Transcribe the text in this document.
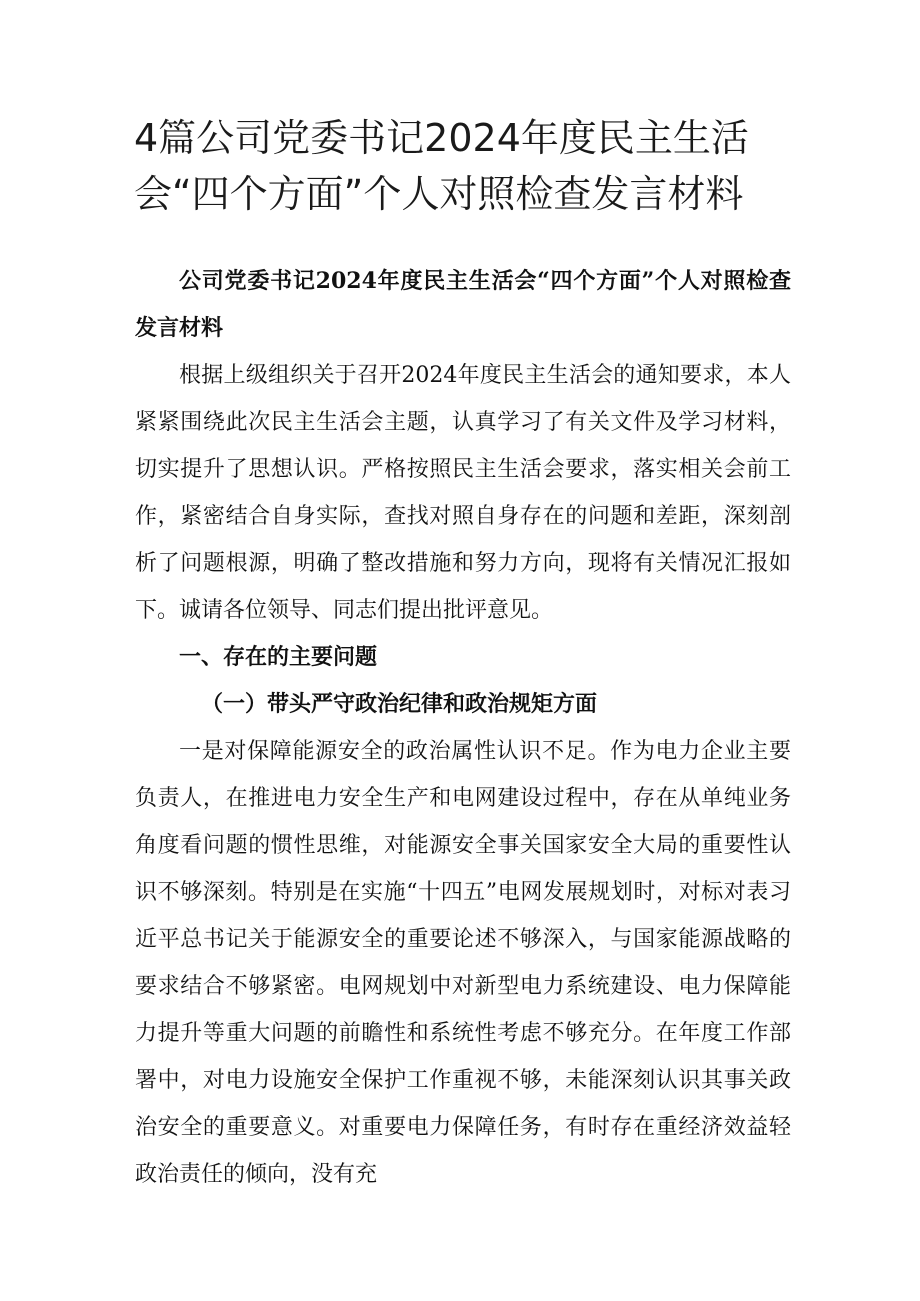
4篇公司党委书记2024年度民主生活会“四个方面”个人对照检查发言材料

公司党委书记2024年度民主生活会“四个方面”个人对照检查发言材料

根据上级组织关于召开2024年度民主生活会的通知要求，本人紧紧围绕此次民主生活会主题，认真学习了有关文件及学习材料，切实提升了思想认识。严格按照民主生活会要求，落实相关会前工作，紧密结合自身实际，查找对照自身存在的问题和差距，深刻剖析了问题根源，明确了整改措施和努力方向，现将有关情况汇报如下。诚请各位领导、同志们提出批评意见。

一、存在的主要问题

（一）带头严守政治纪律和政治规矩方面

一是对保障能源安全的政治属性认识不足。作为电力企业主要负责人，在推进电力安全生产和电网建设过程中，存在从单纯业务角度看问题的惯性思维，对能源安全事关国家安全大局的重要性认识不够深刻。特别是在实施“十四五”电网发展规划时，对标对表习近平总书记关于能源安全的重要论述不够深入，与国家能源战略的要求结合不够紧密。电网规划中对新型电力系统建设、电力保障能力提升等重大问题的前瞻性和系统性考虑不够充分。在年度工作部署中，对电力设施安全保护工作重视不够，未能深刻认识其事关政治安全的重要意义。对重要电力保障任务，有时存在重经济效益轻政治责任的倾向，没有充
